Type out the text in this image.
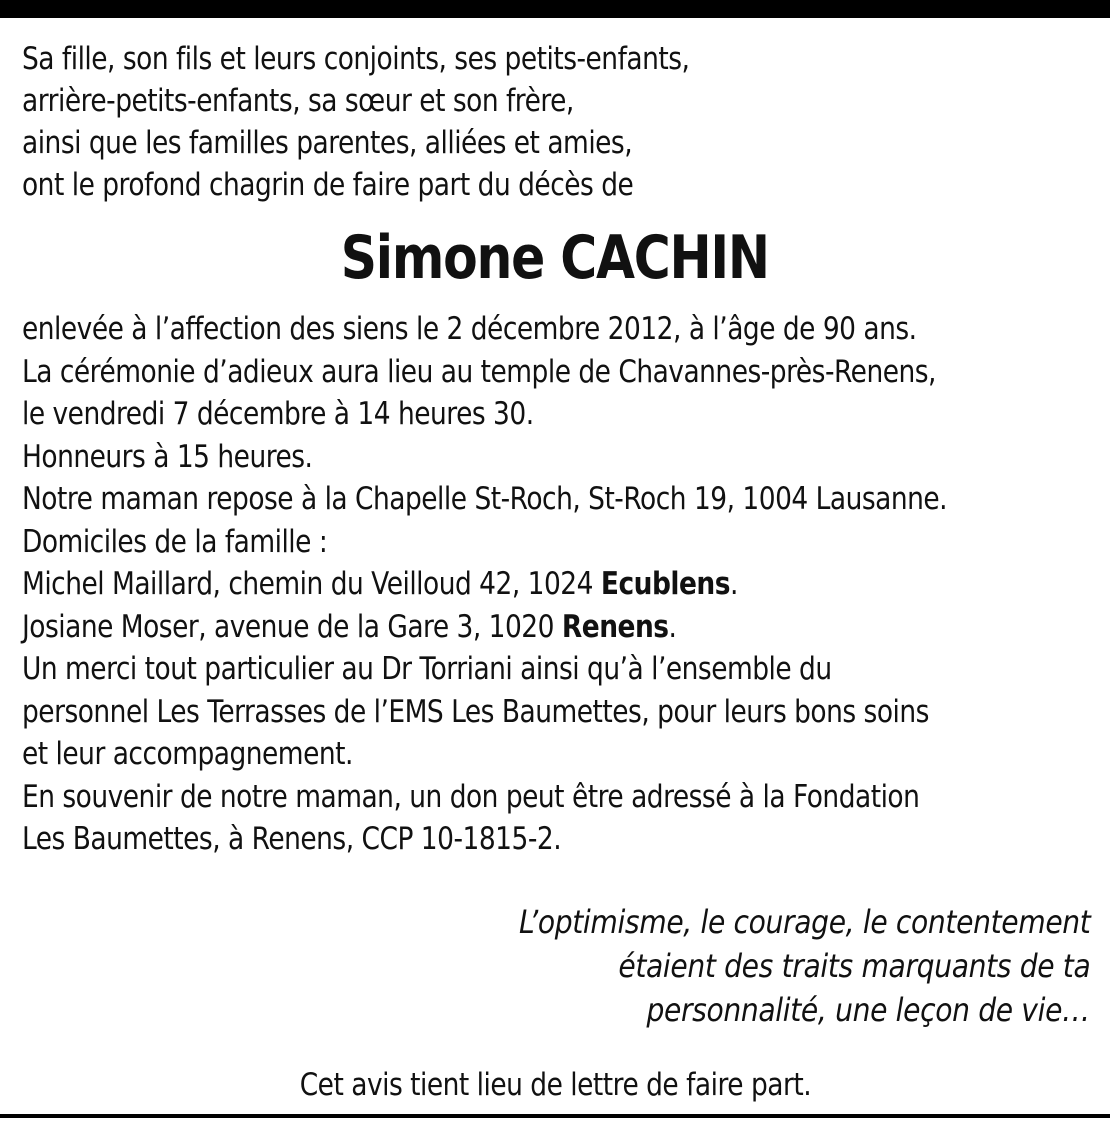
Sa fille, son fils et leurs conjoints, ses petits-enfants,
arrière-petits-enfants, sa sœur et son frère,
ainsi que les familles parentes, alliées et amies,
ont le profond chagrin de faire part du décès de
Simone CACHIN
enlevée à l’affection des siens le 2 décembre 2012, à l’âge de 90 ans.
La cérémonie d’adieux aura lieu au temple de Chavannes-près-Renens,
le vendredi 7 décembre à 14 heures 30.
Honneurs à 15 heures.
Notre maman repose à la Chapelle St-Roch, St-Roch 19, 1004 Lausanne.
Domiciles de la famille :
Michel Maillard, chemin du Veilloud 42, 1024 Ecublens.
Josiane Moser, avenue de la Gare 3, 1020 Renens.
Un merci tout particulier au Dr Torriani ainsi qu’à l’ensemble du
personnel Les Terrasses de l’EMS Les Baumettes, pour leurs bons soins
et leur accompagnement.
En souvenir de notre maman, un don peut être adressé à la Fondation
Les Baumettes, à Renens, CCP 10-1815-2.
L’optimisme, le courage, le contentement
étaient des traits marquants de ta
personnalité, une leçon de vie…
Cet avis tient lieu de lettre de faire part.
